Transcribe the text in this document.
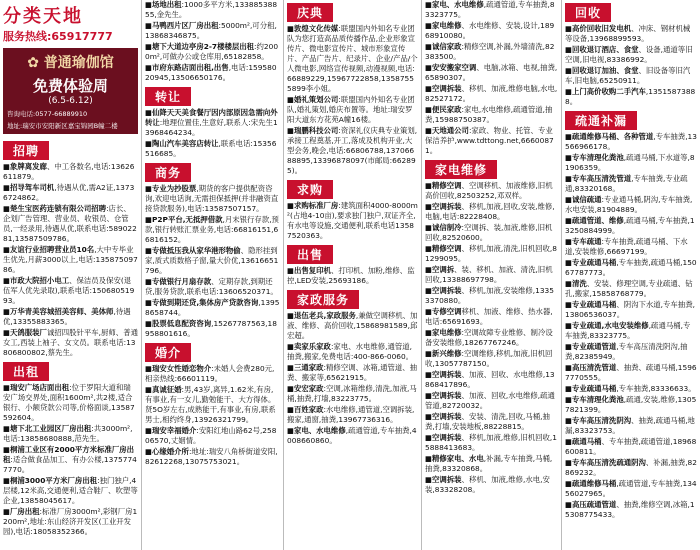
分类天地
服务热线:65917777
✿ 普通瑜伽馆
免费体验周
(6.5-6.12)
咨询电话:0577-66889910
地址:瑞安市安阳新区嘉宝锦园B幢二楼
招聘
■象牌离发廊、中工各数名,电话:13626611879。
■招导驾车司机,待遇从优,需A2证,13736724862。
■楚生宝医药连锁有限公司招聘:店长、企划广告管理、营业员、收银员、仓管员,一经录用,待遇从优,联系电话:58902281,13587509786。
■友谊行业招聘营业员10名,大中专毕业生优先,月薪3000以上,电话:13587509786。
■市政大院招小电工、保洁员及保安(退伍军人优先录取),联系电话:15068051993。
■万华青美容城招美容师、美体师,待遇优,13355883365。
■天鸽服装厂诚招四股针平车,厨师、普通女工,西装上袖子、女文员。联系电话:13806800802,蔡先生。
出租
■瑞安广场店面出租:位于罗阳大道和瑞安广场交界处,面积1600m²,共2楼,适合银行、小额贷款公司等,价格面谈,13587592604。
■塘下北工业园区厂房出租:共3000m²,电话:13858680888,范先生。
■桐浦工业区有2000平方米标准厂房出租:适合做食品加工、有办公楼,13757747770。
■桐浦3000平方米厂房出租:独门独户,4层楼,12米高,交通便利,适合鞋厂、吹塑等企业,13858045617。
■厂房出租:标准厂房3000m²,彩钢厂房1200m²,地址:东山经济开发区(工业开发园),电话:18058352366。
■场地出租:1000多平方米,13388538855,金先生。
■马鸭西片区厂房出租:5000m²,可分租,13868346875。
■塘下大道边亭房2-7楼楼层出租:约2000m²,可做办公或仓库用,65182858。
■市府东路店面出租,出售,电话:15958020945,13506650176。
转让
■仙降天天美食餐厅因内部原因急需向外转让:地理位置佳,生意好,联系人:宋先生13968464234。
■陶山汽车美容店转让,联系电话:15356516685。
商务
■专业为抄股票,期货的客户提供配资咨询,欢迎电话询,无需担保抵押(并非融资直接贷款服务),电话:13587507157。
■P2P平台,无抵押借款,月末银行存款,预款,银行转账汇票业务,电话:66816151,66816152。
■专做抵压我从家华港形物偷、隐形挂到家,质式质数格子窗,量大价优,13616651796。
■专做银行月扇存款、定期存款,到期还贷,服务贷款,联系电话:13606520371。
■专做到期还贷,集体房产贷款咨询,13958658744。
■股票低息配资咨询,15267787563,18958801616。
婚介
■瑞安女性婚恋物介:未婚人会费280元,相亲热线:66601119。
■真诚征婚:男,43岁,离异,1.62米,有房,有事业,有一女儿,勤勉能干、大方得体。贤5O岁左右,成熟能干,有事业,有房,联系男士,相约终身,13926321799。
■瑞安幸福婚介:安阳红地山路62号,25806570,丈姻情。
■心缘婚介所:地址:瑞安八角桥街道安阳,82612268,13075753021。
庆典
■敦煌文化传媒:联盟国内外知名专业团队为您打造高品质传播作品,企业形象宣传片、微电影宣传片、城市形象宣传片、产品广告片、纪录片、企业/产品/个人微电影,网络宣传视频,动漫视频,电话:66889229,15967722858,13587555899李小姐。
■婚礼策划公司:联盟国内外知名专业团队,婚礼策划,婚庆布置等。地址:瑞安罗阳大道东方花苑A幢16楼。
■瑞鹏科技公司:资深礼仪庆典专业策划,承接工程奠基,开工,落成及机构开业,大型会务,晚会,电话:66806788,13706688895,13396878097(市邮局:662895)。
求购
■求购标准厂房:建筑面积4000-8000m²(占地4-10亩),要求独门独户,双证齐全,有水电等设施,交通便利,联系电话13587520363。
出售
■出售复印机、打印机、加粉,维修、监控,LED安装,25693186。
家政服务
■退伍老兵,家政服务,兼做空调移机、加液、维修、高价回收,15868981589,邱宏超。
■卖家乐家政:家电、水电维修,通管道,抽粪,搬家,免费电话:400-866-0060。
■三通家政:精修空调、冰箱,通管道、抽粪、搬家等,65621915。
■安宏家政:空调,冰箱维修,清洗,加液,马桶,抽粪,打墙,83223775。
■百姓家政:水电维修,通管道,空调拆装,搬家,通窗,抽粪,13967736316。
■家电、水电维修,疏通管道,专车抽粪,4008660860。
■家电、水电维修,疏通管道,专车抽粪,83323775。
■家电维修、水电维修、安装,设计,18968910080。
■诚信家政:精修空调,补漏,外墙清洗,82383500。
■安安搬家空调、电脑,冰箱、电视,抽粪,65890307。
■空调拆装、移机、加液,维修电脑,水电,82527172。
■便民家政:家电,水电维修,疏通管道,抽粪,15988750387。
■天地通公司:家政、物业、托管、专业保洁养护,www.tdttong.net,66600871。
家电维修
■精修空调、空调移机、加液维修,旧机高价回收,82503252,邓双样。
■空调拆装、移机,加液,回收,安装,维修,电脑,电话:82228408。
■诚信制冷:空调拆、装,加液,维修,旧机回收,82520600。
■精修空调、移机,加液,清洗,旧机回收,81299095。
■空调拆、装、移机、加液、清洗,旧机回收,13388697798。
■空调拆装、移机,加液,安装维修,13353370880。
■专修空调移机、加液、维修、热水器,电话:65691693。
■家电维修:空调故障专业维修、制冷设备安装维修,18267767246。
■新兴维修:空调维修,移机,加液,旧机回收,13057787150。
■空调拆装、加液、回收、水电维修,13868417896。
■空调拆装、加液、回收,水电维修,疏通管道,82720032。
■空调拆装、安装、清洗,回收,马桶,抽粪,打墙,安装地板,88228815。
■空调拆装、移机,加液,维修,旧机回收,15888413683。
■精修家电、水电,补漏,专车抽粪,马桶,抽粪,83320868。
■空调拆装、移机、加液,维修,水电,安装,83328208。
回收
■高价回收旧发电机、冲床、钢材机械等设备,13968899593。
■回收退订酒店、食堂、设备,通道等旧空调,旧电视,83386992。
■回收退订加油、食堂、旧设备等旧汽车,旧电脑,65250911。
■上门高价收购二手汽车,13515873888。
疏通补漏
■疏通维修马桶、各种管道,专车抽粪,13566966178。
■专车清理化粪池,疏通马桶,下水道等,81906359。
■专车高压清洗管道,专车抽粪,专业疏通,83320168。
■诚信疏通:专业通马桶,阴沟,专车抽粪,水电安装,81904889。
■疏通管道、维修,疏通马桶,专车抽粪,13250884999。
■专车疏通:专车抽粪,疏通马桶、下水道,安装维修,66697199。
■专业疏通马桶,专车抽粪,疏通马桶,15067787773。
■清洗、安装、修理空调,专业疏通、钻孔,搬家,15858768779。
■专业疏通马桶、阴沟下水道,专车抽粪,13806536037。
■专业疏通,水电安装维修,疏通马桶,专车抽粪,83323775。
■专业疏通管道,专车高压清洗阴沟,抽粪,82385949。
■高压清洗管道、抽粪、疏通马桶,15967770555。
■专业疏通马桶,专车抽粪,83336633。
■专车清理化粪池,疏通,安装,维修,13057821399。
■专车高压清洗阴沟、抽粪,疏通马桶,地漏,83323753。
■疏通马桶、专车抽粪,疏通管道,18968600811。
■专车高压清洗疏通阴沟、补漏,抽粪,82869232。
■疏通维修马桶,疏通管道,专车抽粪,13456027965。
■高压疏通管道、抽粪,维修空调,冰箱,15308775433。
